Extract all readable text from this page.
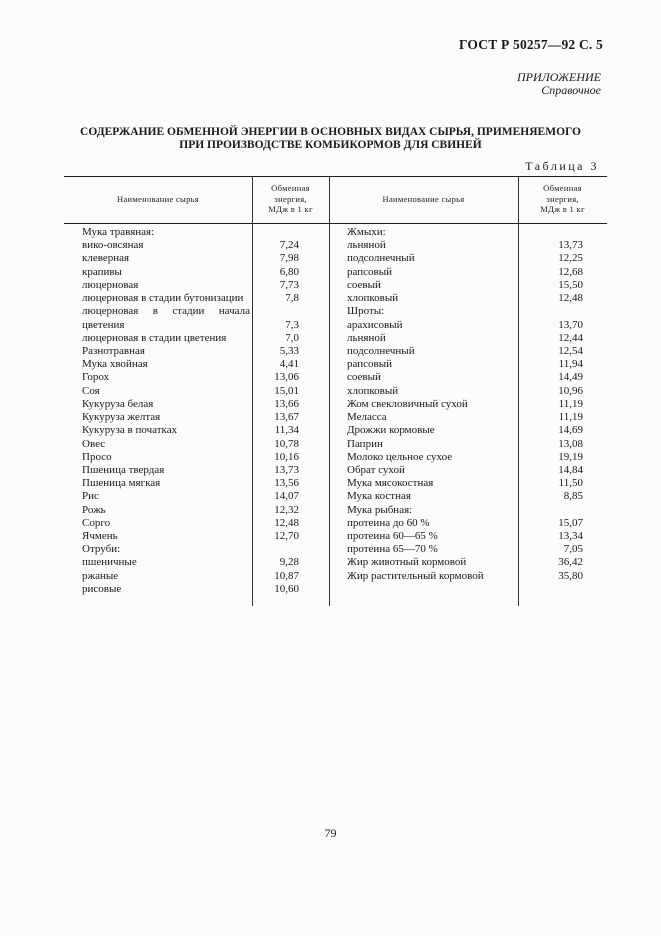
ГОСТ Р 50257—92 С. 5
ПРИЛОЖЕНИЕ
Справочное
СОДЕРЖАНИЕ ОБМЕННОЙ ЭНЕРГИИ В ОСНОВНЫХ ВИДАХ СЫРЬЯ, ПРИМЕНЯЕМОГО
ПРИ ПРОИЗВОДСТВЕ КОМБИКОРМОВ ДЛЯ СВИНЕЙ
Таблица 3
Наименование сырья
Обменная
энергия,
МДж в 1 кг
Наименование сырья
Обменная
энергия,
МДж в 1 кг
Мука травяная:
вико-овсяная	7,24
клеверная	7,98
крапивы	6,80
люцерновая	7,73
люцерновая в стадии бутонизации	7,8
люцерновая в стадии начала
цветения	7,3
люцерновая в стадии цветения	7,0
Разнотравная	5,33
Мука хвойная	4,41
Горох	13,06
Соя	15,01
Кукуруза белая	13,66
Кукуруза желтая	13,67
Кукуруза в початках	11,34
Овес	10,78
Просо	10,16
Пшеница твердая	13,73
Пшеница мягкая	13,56
Рис	14,07
Рожь	12,32
Сорго	12,48
Ячмень	12,70
Отруби:
пшеничные	9,28
ржаные	10,87
рисовые	10,60
Жмыхи:
льняной	13,73
подсолнечный	12,25
рапсовый	12,68
соевый	15,50
хлопковый	12,48
Шроты:
арахисовый	13,70
льняной	12,44
подсолнечный	12,54
рапсовый	11,94
соевый	14,49
хлопковый	10,96
Жом свекловичный сухой	11,19
Меласса	11,19
Дрожжи кормовые	14,69
Паприн	13,08
Молоко цельное сухое	19,19
Обрат сухой	14,84
Мука мясокостная	11,50
Мука костная	8,85
Мука рыбная:
протеина до 60 %	15,07
протеина 60—65 %	13,34
протеина 65—70 %	7,05
Жир животный кормовой	36,42
Жир растительный кормовой	35,80
79
